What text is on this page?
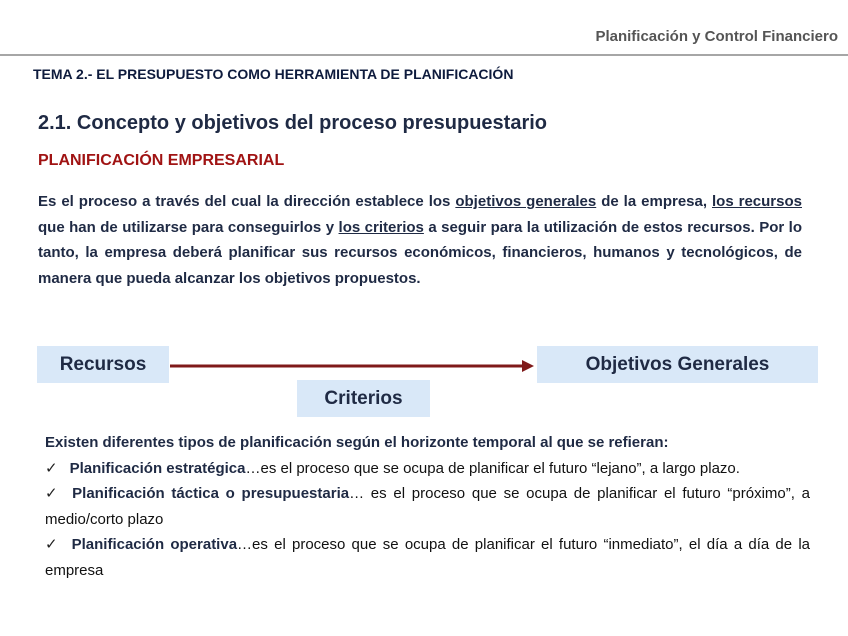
Planificación y Control Financiero
TEMA 2.- EL PRESUPUESTO COMO HERRAMIENTA DE PLANIFICACIÓN
2.1. Concepto y objetivos del proceso presupuestario
PLANIFICACIÓN EMPRESARIAL
Es el proceso a través del cual la dirección establece los objetivos generales de la empresa, los recursos que han de utilizarse para conseguirlos y los criterios a seguir para la utilización de estos recursos. Por lo tanto, la empresa deberá planificar sus recursos económicos, financieros, humanos y tecnológicos, de manera que pueda alcanzar los objetivos propuestos.
Recursos	Objetivos Generales
Criterios
Existen diferentes tipos de planificación según el horizonte temporal al que se refieran:
✓ Planificación estratégica…es el proceso que se ocupa de planificar el futuro “lejano”, a largo plazo.
✓ Planificación táctica o presupuestaria… es el proceso que se ocupa de planificar el futuro “próximo”, a medio/corto plazo
✓ Planificación operativa…es el proceso que se ocupa de planificar el futuro “inmediato”, el día a día de la empresa
